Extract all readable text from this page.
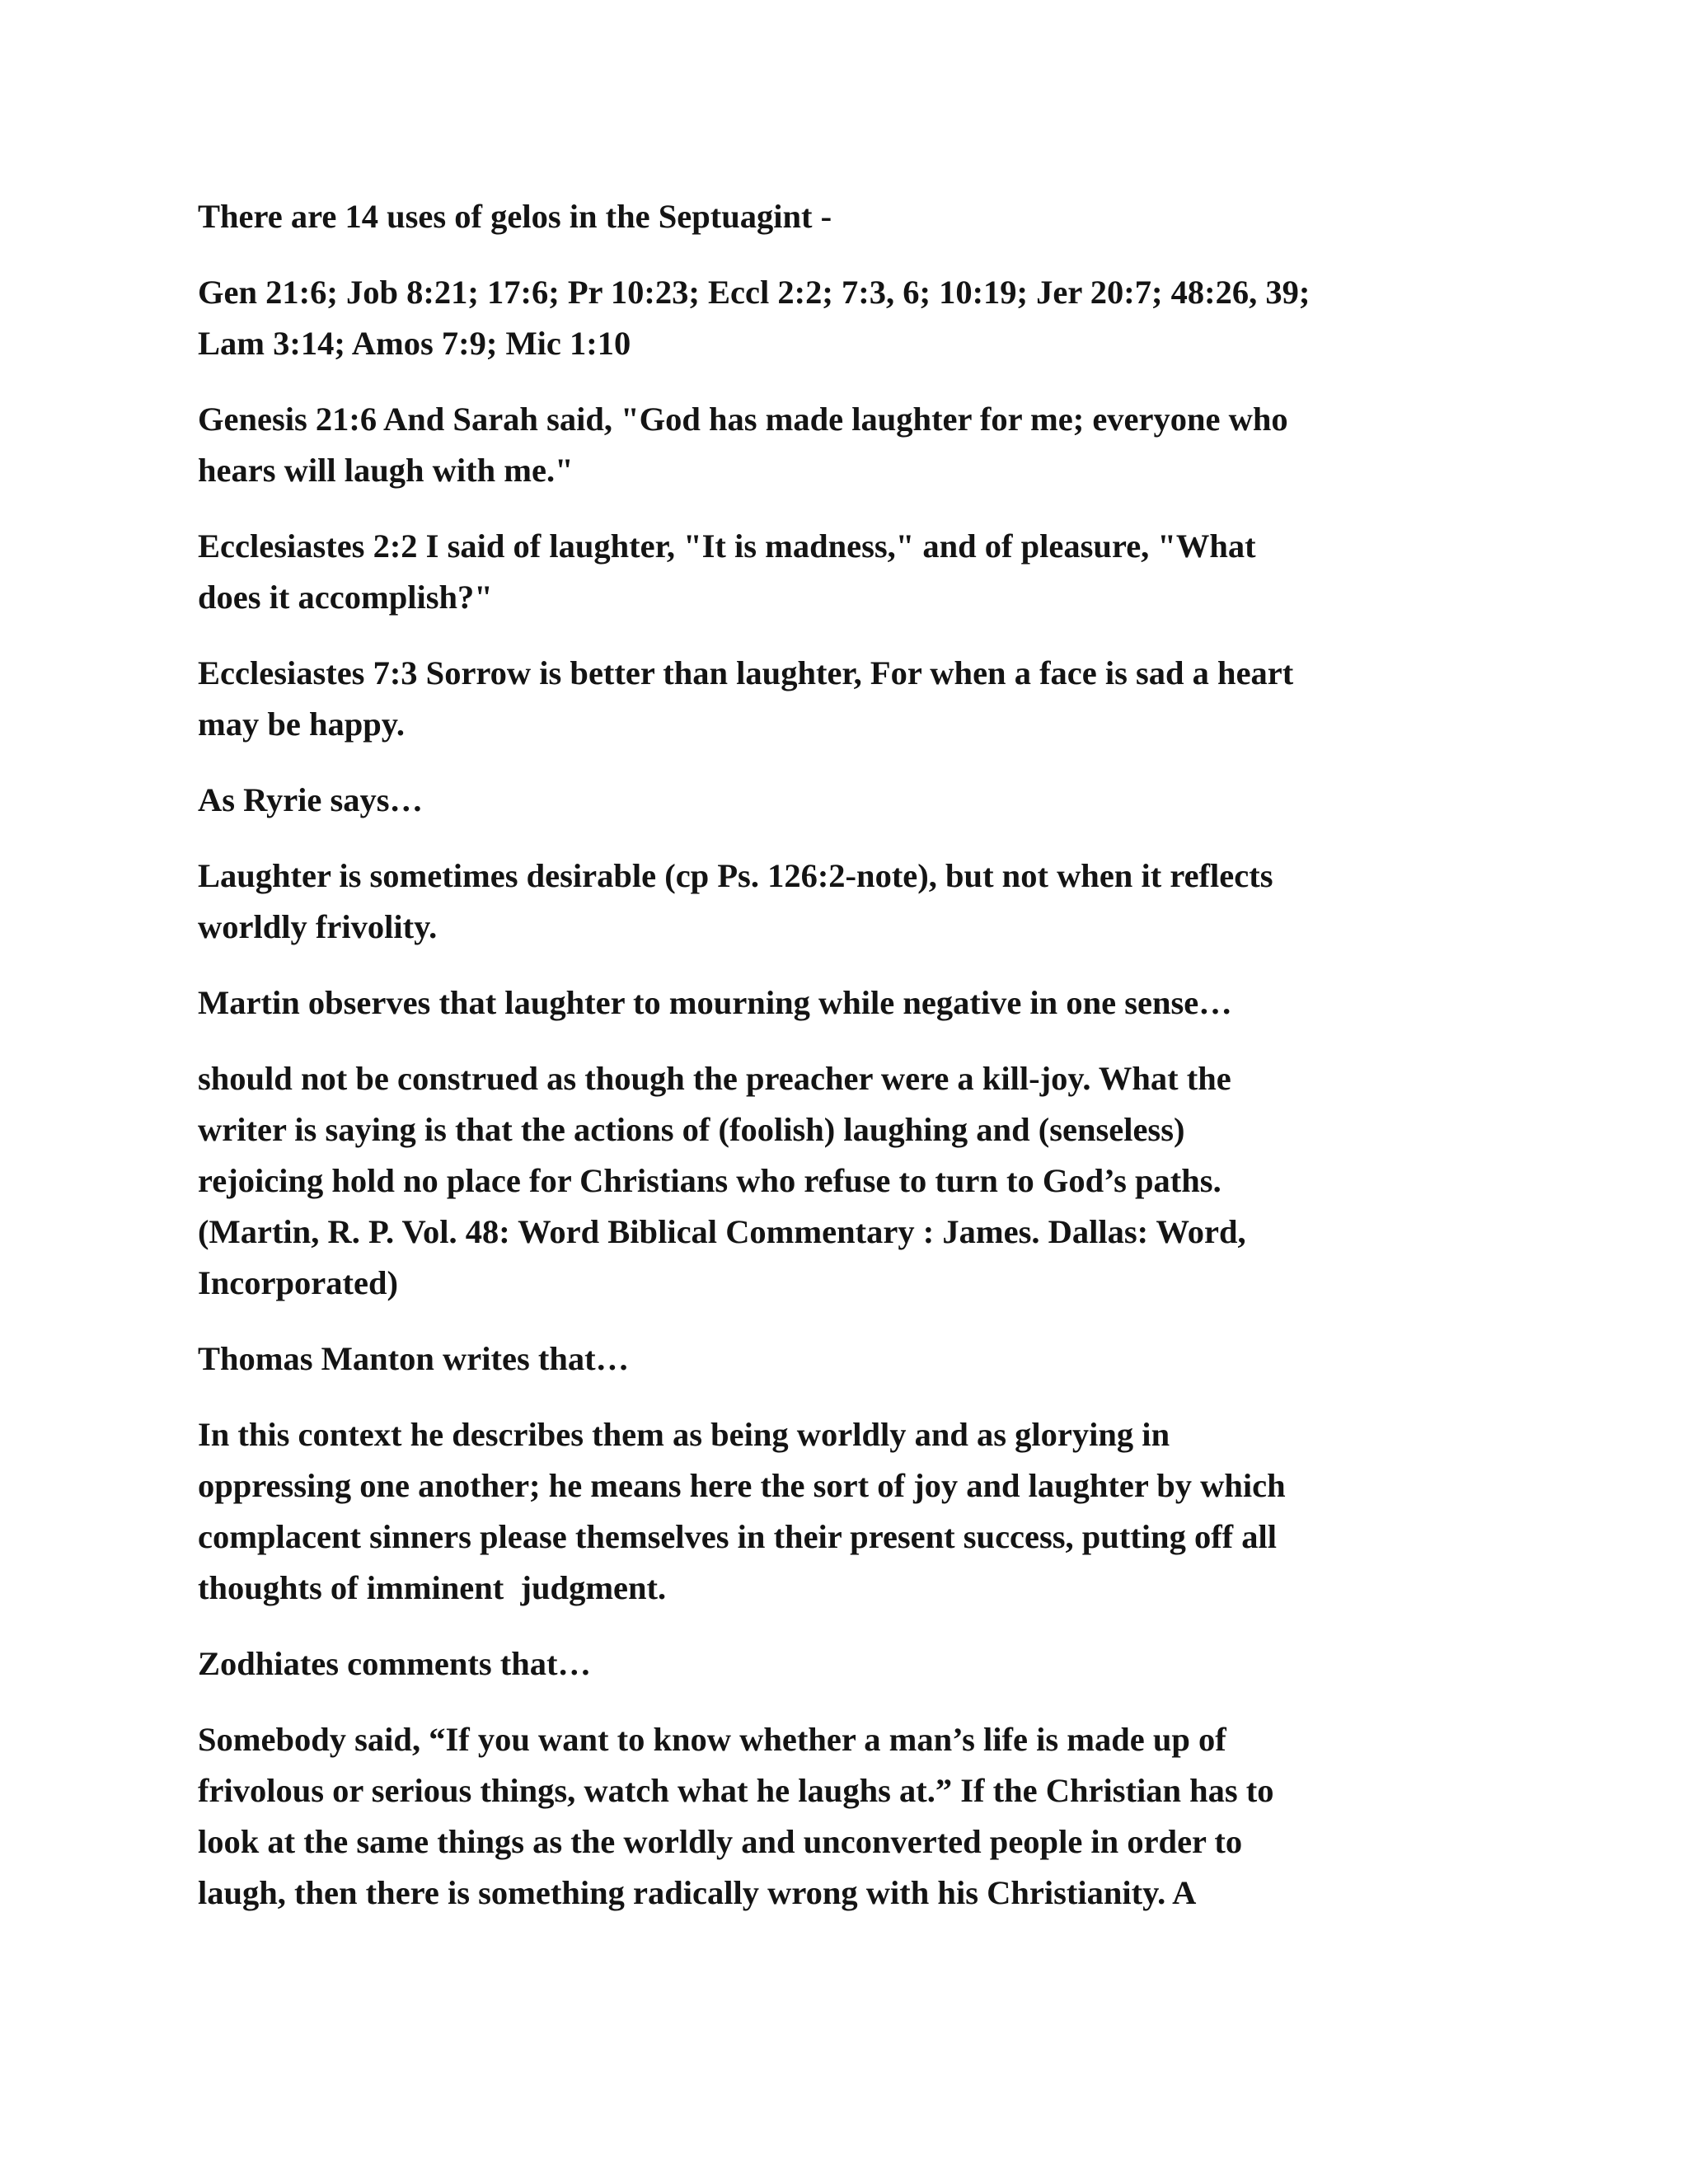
There are 14 uses of gelos in the Septuagint -

Gen 21:6; Job 8:21; 17:6; Pr 10:23; Eccl 2:2; 7:3, 6; 10:19; Jer 20:7; 48:26, 39;
Lam 3:14; Amos 7:9; Mic 1:10

Genesis 21:6 And Sarah said, "God has made laughter for me; everyone who
hears will laugh with me."

Ecclesiastes 2:2 I said of laughter, "It is madness," and of pleasure, "What
does it accomplish?"

Ecclesiastes 7:3 Sorrow is better than laughter, For when a face is sad a heart
may be happy.

As Ryrie says…

Laughter is sometimes desirable (cp Ps. 126:2-note), but not when it reflects
worldly frivolity.

Martin observes that laughter to mourning while negative in one sense…

should not be construed as though the preacher were a kill-joy. What the
writer is saying is that the actions of (foolish) laughing and (senseless)
rejoicing hold no place for Christians who refuse to turn to God’s paths.
(Martin, R. P. Vol. 48: Word Biblical Commentary : James. Dallas: Word,
Incorporated)

Thomas Manton writes that…

In this context he describes them as being worldly and as glorying in
oppressing one another; he means here the sort of joy and laughter by which
complacent sinners please themselves in their present success, putting off all
thoughts of imminent  judgment.

Zodhiates comments that…

Somebody said, “If you want to know whether a man’s life is made up of
frivolous or serious things, watch what he laughs at.” If the Christian has to
look at the same things as the worldly and unconverted people in order to
laugh, then there is something radically wrong with his Christianity. A
